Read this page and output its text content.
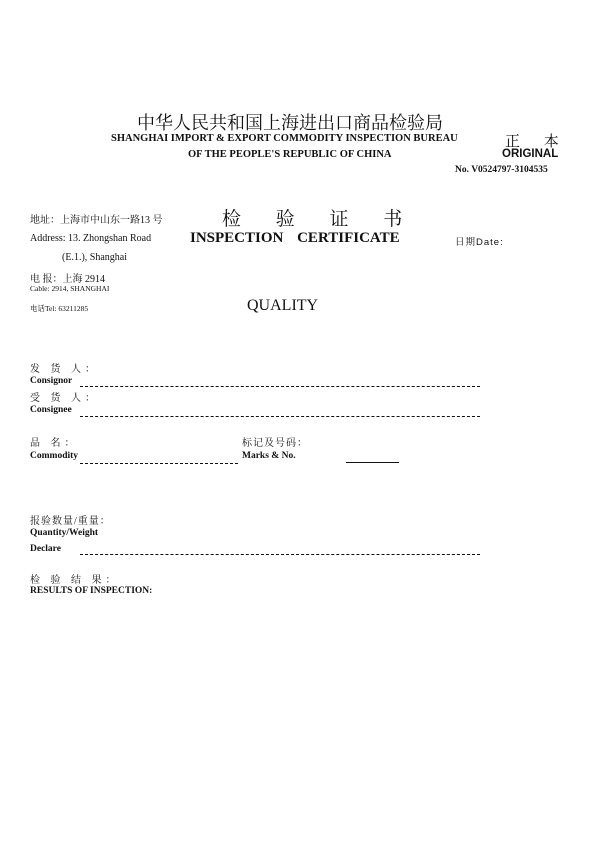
中华人民共和国上海进出口商品检验局
SHANGHAI IMPORT & EXPORT COMMODITY INSPECTION BUREAU
OF THE PEOPLE'S REPUBLIC OF CHINA
正 本
ORIGINAL
No. V0524797-3104535
地址：上海市中山东一路13 号
Address: 13. Zhongshan Road
(E.1.), Shanghai
电 报：上海 2914
Cable: 2914, SHANGHAI
电话Tel: 63211285
检 验 证 书
INSPECTION CERTIFICATE	日期Date:
QUALITY
发 货 人：
Consignor
受 货 人：
Consignee
品 名：
Commodity
标记及号码：
Marks & No.
报验数量/重量：
Quantity/Weight
Declare
检 验 结 果：
RESULTS OF INSPECTION:
